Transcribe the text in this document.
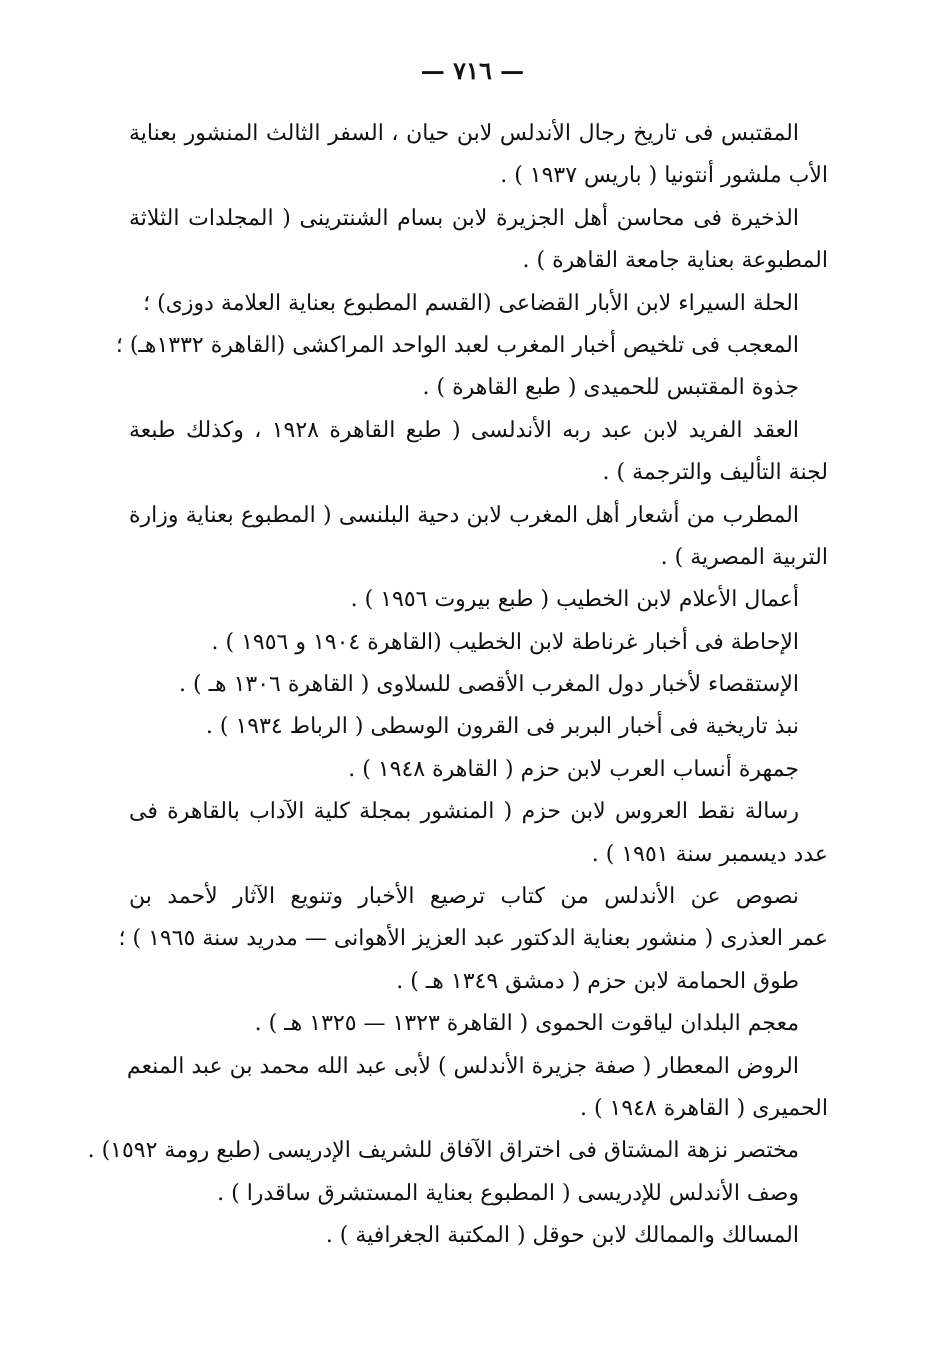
— ٧١٦ —
المقتبس فى تاريخ رجال الأندلس لابن حيان ، السفر الثالث المنشور بعناية
الأب ملشور أنتونيا ( باريس ١٩٣٧ ) .
الذخيرة فى محاسن أهل الجزيرة لابن بسام الشنترينى ( المجلدات الثلاثة
المطبوعة بعناية جامعة القاهرة ) .
الحلة السيراء لابن الأبار القضاعى (القسم المطبوع بعناية العلامة دوزى) ؛
المعجب فى تلخيص أخبار المغرب لعبد الواحد المراكشى (القاهرة ١٣٣٢هـ) ؛
جذوة المقتبس للحميدى ( طبع القاهرة ) .
العقد الفريد لابن عبد ربه الأندلسى ( طبع القاهرة ١٩٢٨ ، وكذلك طبعة
لجنة التأليف والترجمة ) .
المطرب من أشعار أهل المغرب لابن دحية البلنسى ( المطبوع بعناية وزارة
التربية المصرية ) .
أعمال الأعلام لابن الخطيب ( طبع بيروت ١٩٥٦ ) .
الإحاطة فى أخبار غرناطة لابن الخطيب (القاهرة ١٩٠٤ و ١٩٥٦ ) .
الإستقصاء لأخبار دول المغرب الأقصى للسلاوى ( القاهرة ١٣٠٦ هـ ) .
نبذ تاريخية فى أخبار البربر فى القرون الوسطى ( الرباط ١٩٣٤ ) .
جمهرة أنساب العرب لابن حزم ( القاهرة ١٩٤٨ ) .
رسالة نقط العروس لابن حزم ( المنشور بمجلة كلية الآداب بالقاهرة فى
عدد ديسمبر سنة ١٩٥١ ) .
نصوص عن الأندلس من كتاب ترصيع الأخبار وتنويع الآثار لأحمد بن
عمر العذرى ( منشور بعناية الدكتور عبد العزيز الأهوانى — مدريد سنة ١٩٦٥ ) ؛
طوق الحمامة لابن حزم ( دمشق ١٣٤٩ هـ ) .
معجم البلدان لياقوت الحموى ( القاهرة ١٣٢٣ — ١٣٢٥ هـ ) .
الروض المعطار ( صفة جزيرة الأندلس ) لأبى عبد الله محمد بن عبد المنعم
الحميرى ( القاهرة ١٩٤٨ ) .
مختصر نزهة المشتاق فى اختراق الآفاق للشريف الإدريسى (طبع رومة ١٥٩٢) .
وصف الأندلس للإدريسى ( المطبوع بعناية المستشرق ساقدرا ) .
المسالك والممالك لابن حوقل ( المكتبة الجغرافية ) .
